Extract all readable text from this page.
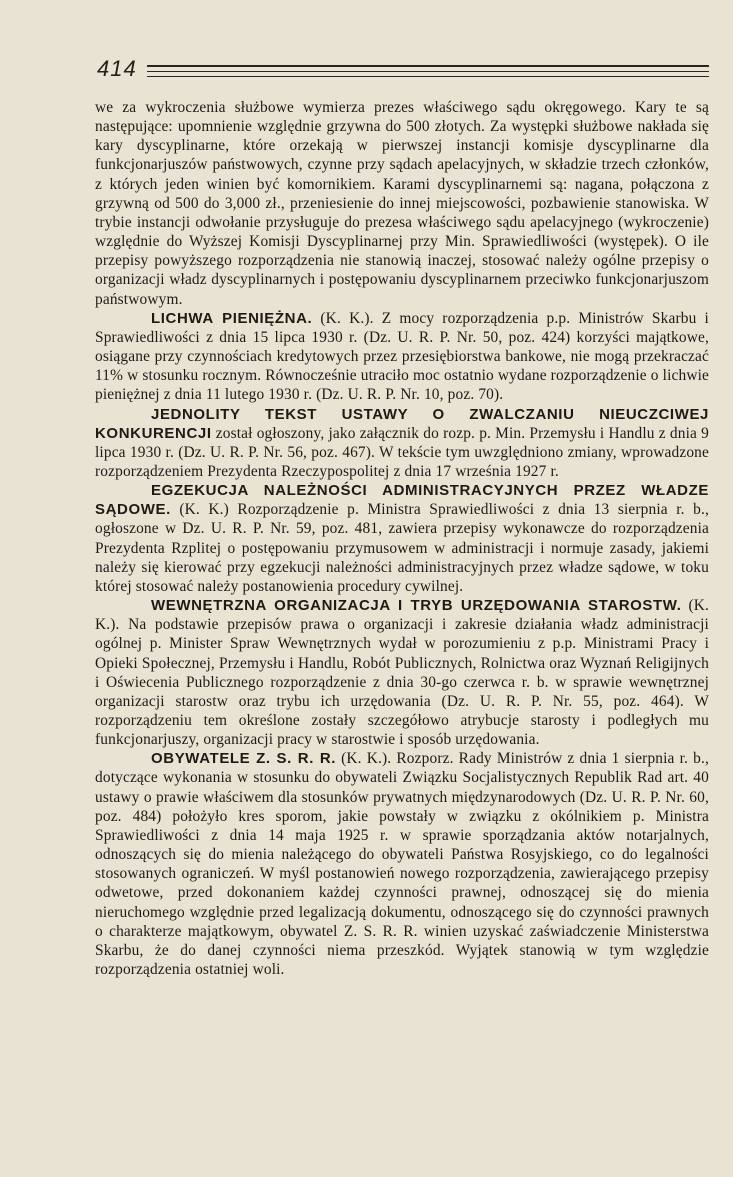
414

we za wykroczenia służbowe wymierza prezes właściwego sądu okręgowego. Kary te są następujące: upomnienie względnie grzywna do 500 złotych. Za występki służbowe nakłada się kary dyscyplinarne, które orzekają w pierwszej instancji komisje dyscyplinarne dla funkcjonarjuszów państwowych, czynne przy sądach apelacyjnych, w składzie trzech członków, z których jeden winien być komornikiem. Karami dyscyplinarnemi są: nagana, połączona z grzywną od 500 do 3,000 zł., przeniesienie do innej miejscowości, pozbawienie stanowiska. W trybie instancji odwołanie przysługuje do prezesa właściwego sądu apelacyjnego (wykroczenie) względnie do Wyższej Komisji Dyscyplinarnej przy Min. Sprawiedliwości (występek). O ile przepisy powyższego rozporządzenia nie stanowią inaczej, stosować należy ogólne przepisy o organizacji władz dyscyplinarnych i postępowaniu dyscyplinarnem przeciwko funkcjonarjuszom państwowym.

LICHWA PIENIĘŻNA. (K. K.). Z mocy rozporządzenia p.p. Ministrów Skarbu i Sprawiedliwości z dnia 15 lipca 1930 r. (Dz. U. R. P. Nr. 50, poz. 424) korzyści majątkowe, osiągane przy czynnościach kredytowych przez przesiębiorstwa bankowe, nie mogą przekraczać 11% w stosunku rocznym. Równocześnie utraciło moc ostatnio wydane rozporządzenie o lichwie pieniężnej z dnia 11 lutego 1930 r. (Dz. U. R. P. Nr. 10, poz. 70).

JEDNOLITY TEKST USTAWY O ZWALCZANIU NIEUCZCIWEJ KONKURENCJI został ogłoszony, jako załącznik do rozp. p. Min. Przemysłu i Handlu z dnia 9 lipca 1930 r. (Dz. U. R. P. Nr. 56, poz. 467). W tekście tym uwzględniono zmiany, wprowadzone rozporządzeniem Prezydenta Rzeczypospolitej z dnia 17 września 1927 r.

EGZEKUCJA NALEŻNOŚCI ADMINISTRACYJNYCH PRZEZ WŁADZE SĄDOWE. (K. K.) Rozporządzenie p. Ministra Sprawiedliwości z dnia 13 sierpnia r. b., ogłoszone w Dz. U. R. P. Nr. 59, poz. 481, zawiera przepisy wykonawcze do rozporządzenia Prezydenta Rzplitej o postępowaniu przymusowem w administracji i normuje zasady, jakiemi należy się kierować przy egzekucji należności administracyjnych przez władze sądowe, w toku której stosować należy postanowienia procedury cywilnej.

WEWNĘTRZNA ORGANIZACJA I TRYB URZĘDOWANIA STAROSTW. (K. K.). Na podstawie przepisów prawa o organizacji i zakresie działania władz administracji ogólnej p. Minister Spraw Wewnętrznych wydał w porozumieniu z p.p. Ministrami Pracy i Opieki Społecznej, Przemysłu i Handlu, Robót Publicznych, Rolnictwa oraz Wyznań Religijnych i Oświecenia Publicznego rozporządzenie z dnia 30-go czerwca r. b. w sprawie wewnętrznej organizacji starostw oraz trybu ich urzędowania (Dz. U. R. P. Nr. 55, poz. 464). W rozporządzeniu tem określone zostały szczegółowo atrybucje starosty i podległych mu funkcjonarjuszy, organizacji pracy w starostwie i sposób urzędowania.

OBYWATELE Z. S. R. R. (K. K.). Rozporz. Rady Ministrów z dnia 1 sierpnia r. b., dotyczące wykonania w stosunku do obywateli Związku Socjalistycznych Republik Rad art. 40 ustawy o prawie właściwem dla stosunków prywatnych międzynarodowych (Dz. U. R. P. Nr. 60, poz. 484) położyło kres sporom, jakie powstały w związku z okólnikiem p. Ministra Sprawiedliwości z dnia 14 maja 1925 r. w sprawie sporządzania aktów notarjalnych, odnoszących się do mienia należącego do obywateli Państwa Rosyjskiego, co do legalności stosowanych ograniczeń. W myśl postanowień nowego rozporządzenia, zawierającego przepisy odwetowe, przed dokonaniem każdej czynności prawnej, odnoszącej się do mienia nieruchomego względnie przed legalizacją dokumentu, odnoszącego się do czynności prawnych o charakterze majątkowym, obywatel Z. S. R. R. winien uzyskać zaświadczenie Ministerstwa Skarbu, że do danej czynności niema przeszkód. Wyjątek stanowią w tym względzie rozporządzenia ostatniej woli.
